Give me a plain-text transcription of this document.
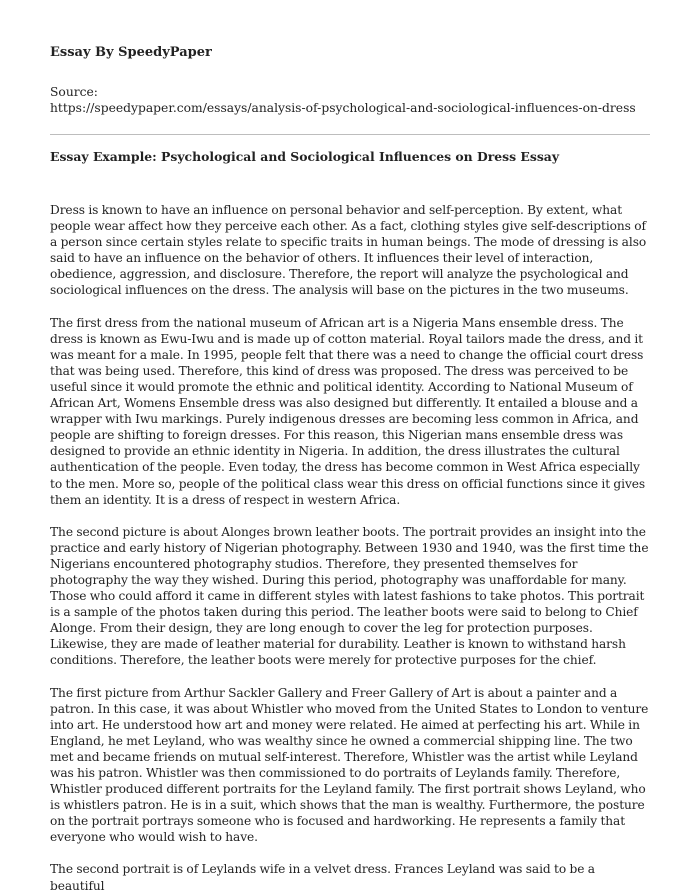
Essay By SpeedyPaper

Source:

https://speedypaper.com/essays/analysis-of-psychological-and-sociological-influences-on-dress

Essay Example: Psychological and Sociological Influences on Dress Essay

Dress is known to have an influence on personal behavior and self-perception. By extent, what people wear affect how they perceive each other. As a fact, clothing styles give self-descriptions of a person since certain styles relate to specific traits in human beings. The mode of dressing is also said to have an influence on the behavior of others. It influences their level of interaction, obedience, aggression, and disclosure. Therefore, the report will analyze the psychological and sociological influences on the dress. The analysis will base on the pictures in the two museums.

The first dress from the national museum of African art is a Nigeria Mans ensemble dress. The dress is known as Ewu-Iwu and is made up of cotton material. Royal tailors made the dress, and it was meant for a male. In 1995, people felt that there was a need to change the official court dress that was being used. Therefore, this kind of dress was proposed. The dress was perceived to be useful since it would promote the ethnic and political identity. According to National Museum of African Art, Womens Ensemble dress was also designed but differently. It entailed a blouse and a wrapper with Iwu markings. Purely indigenous dresses are becoming less common in Africa, and people are shifting to foreign dresses. For this reason, this Nigerian mans ensemble dress was designed to provide an ethnic identity in Nigeria. In addition, the dress illustrates the cultural authentication of the people. Even today, the dress has become common in West Africa especially to the men. More so, people of the political class wear this dress on official functions since it gives them an identity. It is a dress of respect in western Africa.

The second picture is about Alonges brown leather boots. The portrait provides an insight into the practice and early history of Nigerian photography. Between 1930 and 1940, was the first time the Nigerians encountered photography studios. Therefore, they presented themselves for photography the way they wished. During this period, photography was unaffordable for many. Those who could afford it came in different styles with latest fashions to take photos. This portrait is a sample of the photos taken during this period. The leather boots were said to belong to Chief Alonge. From their design, they are long enough to cover the leg for protection purposes. Likewise, they are made of leather material for durability. Leather is known to withstand harsh conditions. Therefore, the leather boots were merely for protective purposes for the chief.

The first picture from Arthur Sackler Gallery and Freer Gallery of Art is about a painter and a patron. In this case, it was about Whistler who moved from the United States to London to venture into art. He understood how art and money were related. He aimed at perfecting his art. While in England, he met Leyland, who was wealthy since he owned a commercial shipping line. The two met and became friends on mutual self-interest. Therefore, Whistler was the artist while Leyland was his patron. Whistler was then commissioned to do portraits of Leylands family. Therefore, Whistler produced different portraits for the Leyland family. The first portrait shows Leyland, who is whistlers patron. He is in a suit, which shows that the man is wealthy. Furthermore, the posture on the portrait portrays someone who is focused and hardworking. He represents a family that everyone who would wish to have.

The second portrait is of Leylands wife in a velvet dress. Frances Leyland was said to be a beautiful
